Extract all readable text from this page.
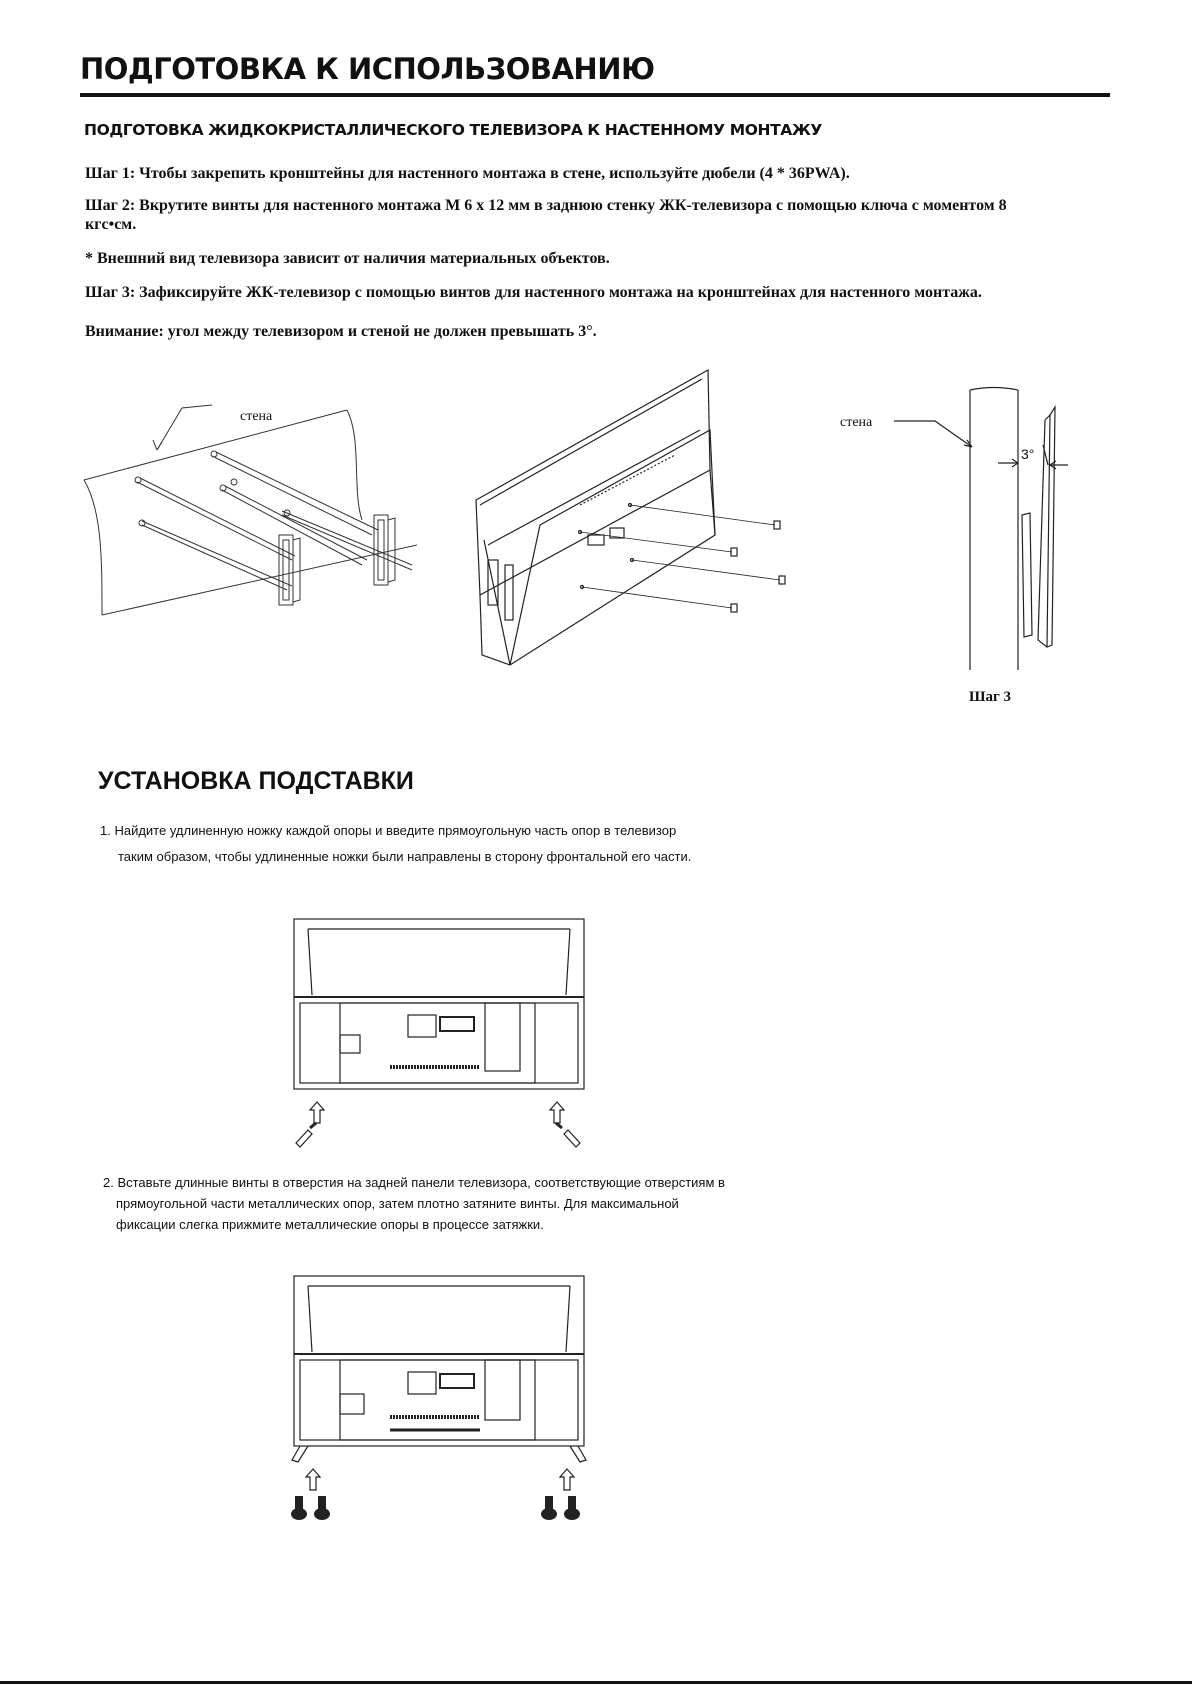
ПОДГОТОВКА К ИСПОЛЬЗОВАНИЮ
ПОДГОТОВКА ЖИДКОКРИСТАЛЛИЧЕСКОГО ТЕЛЕВИЗОРА К НАСТЕННОМУ МОНТАЖУ
Шаг 1: Чтобы закрепить кронштейны для настенного монтажа в стене, используйте дюбели (4 * 36PWA).
Шаг 2: Вкрутите винты для настенного монтажа М 6 x 12 мм в заднюю стенку ЖК-телевизора с помощью ключа с моментом 8 кгс•см.
* Внешний вид телевизора зависит от наличия материальных объектов.
Шаг 3: Зафиксируйте ЖК-телевизор с помощью винтов для настенного монтажа на кронштейнах для настенного монтажа.
Внимание: угол между телевизором и стеной не должен превышать 3°.
стена	стена
3°
Шаг 3
УСТАНОВКА ПОДСТАВКИ
1. Найдите удлиненную ножку каждой опоры и введите прямоугольную часть опор в телевизор
таким образом, чтобы удлиненные ножки были направлены в сторону фронтальной его части.
2. Вставьте длинные винты в отверстия на задней панели телевизора, соответствующие отверстиям в
прямоугольной части металлических опор, затем плотно затяните винты. Для максимальной
фиксации слегка прижмите металлические опоры в процессе затяжки.
